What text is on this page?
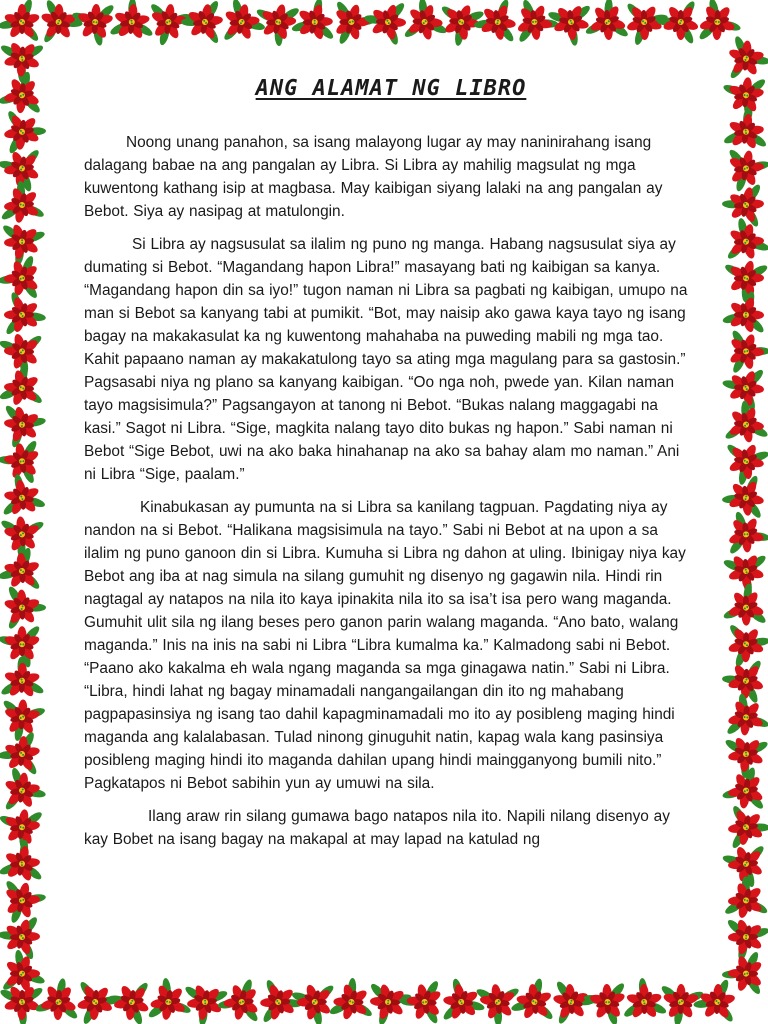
ANG ALAMAT NG LIBRO

Noong unang panahon, sa isang malayong lugar ay may naninirahang isang dalagang babae na ang pangalan ay Libra. Si Libra ay mahilig magsulat ng mga kuwentong kathang isip at magbasa. May kaibigan siyang lalaki na ang pangalan ay Bebot. Siya ay nasipag at matulongin.

Si Libra ay nagsusulat sa ilalim ng puno ng manga. Habang nagsusulat siya ay dumating si Bebot. “Magandang hapon Libra!” masayang bati ng kaibigan sa kanya. “Magandang hapon din sa iyo!” tugon naman ni Libra sa pagbati ng kaibigan, umupo na man si Bebot sa kanyang tabi at pumikit. “Bot, may naisip ako gawa kaya tayo ng isang bagay na makakasulat ka ng kuwentong mahahaba na puweding mabili ng mga tao. Kahit papaano naman ay makakatulong tayo sa ating mga magulang para sa gastosin.” Pagsasabi niya ng plano sa kanyang kaibigan. “Oo nga noh, pwede yan. Kilan naman tayo magsisimula?” Pagsangayon at tanong ni Bebot. “Bukas nalang maggagabi na kasi.” Sagot ni Libra. “Sige, magkita nalang tayo dito bukas ng hapon.” Sabi naman ni Bebot “Sige Bebot, uwi na ako baka hinahanap na ako sa bahay alam mo naman.” Ani ni Libra “Sige, paalam.”

Kinabukasan ay pumunta na si Libra sa kanilang tagpuan. Pagdating niya ay nandon na si Bebot. “Halikana magsisimula na tayo.” Sabi ni Bebot at na upon a sa ilalim ng puno ganoon din si Libra. Kumuha si Libra ng dahon at uling. Ibinigay niya kay Bebot ang iba at nag simula na silang gumuhit ng disenyo ng gagawin nila. Hindi rin nagtagal ay natapos na nila ito kaya ipinakita nila ito sa isa’t isa pero wang maganda. Gumuhit ulit sila ng ilang beses pero ganon parin walang maganda. “Ano bato, walang maganda.” Inis na inis na sabi ni Libra “Libra kumalma ka.” Kalmadong sabi ni Bebot. “Paano ako kakalma eh wala ngang maganda sa mga ginagawa natin.” Sabi ni Libra. “Libra, hindi lahat ng bagay minamadali nangangailangan din ito ng mahabang pagpapasinsiya ng isang tao dahil kapagminamadali mo ito ay posibleng maging hindi maganda ang kalalabasan. Tulad ninong ginuguhit natin, kapag wala kang pasinsiya posibleng maging hindi ito maganda dahilan upang hindi maingganyong bumili nito.” Pagkatapos ni Bebot sabihin yun ay umuwi na sila.

Ilang araw rin silang gumawa bago natapos nila ito. Napili nilang disenyo ay kay Bobet na isang bagay na makapal at may lapad na katulad ng
